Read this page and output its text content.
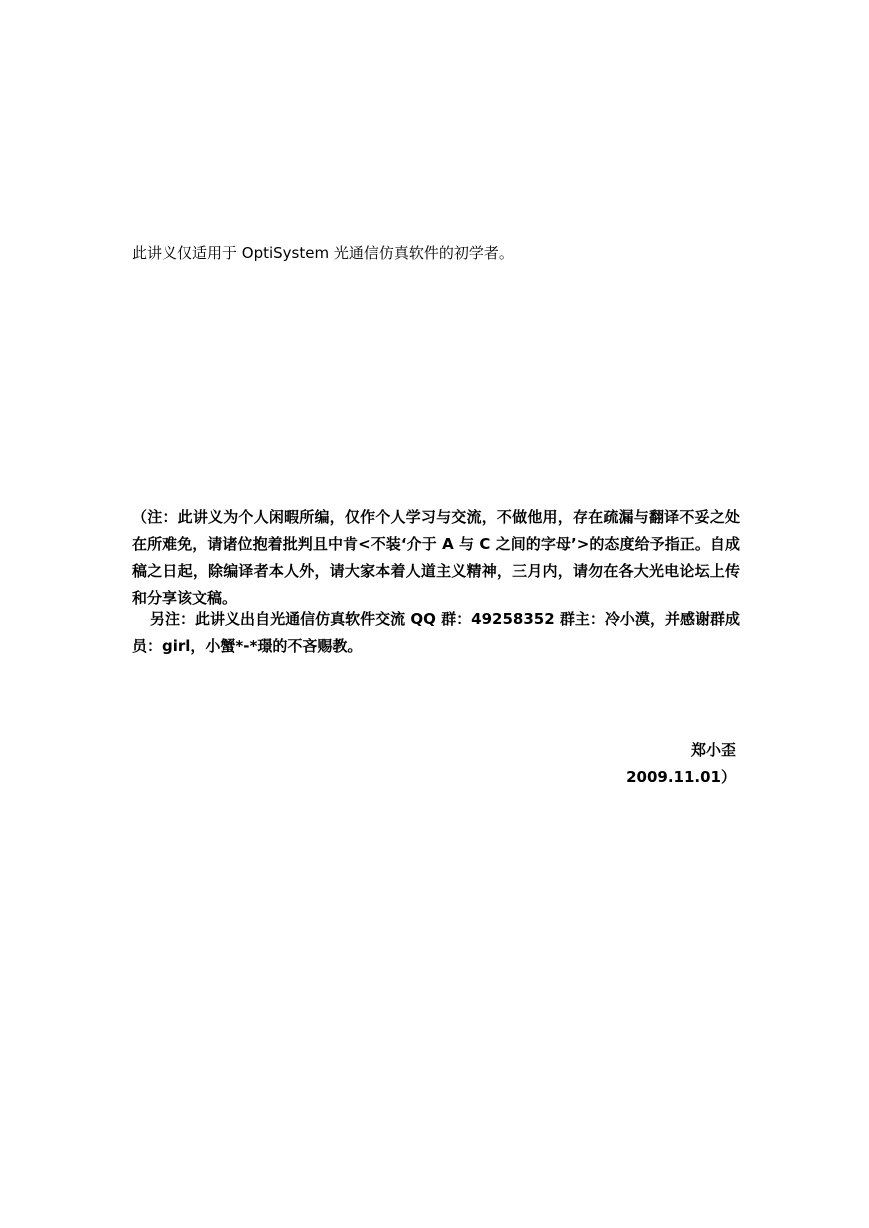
此讲义仅适用于 OptiSystem 光通信仿真软件的初学者。

（注：此讲义为个人闲暇所编，仅作个人学习与交流，不做他用，存在疏漏与翻译不妥之处在所难免，请诸位抱着批判且中肯<不装‘介于 A 与 C 之间的字母’>的态度给予指正。自成稿之日起，除编译者本人外，请大家本着人道主义精神，三月内，请勿在各大光电论坛上传和分享该文稿。

另注：此讲义出自光通信仿真软件交流 QQ 群：49258352 群主：冷小漠，并感谢群成员：girl，小蟹*-*璟的不吝赐教。

郑小歪

2009.11.01）
